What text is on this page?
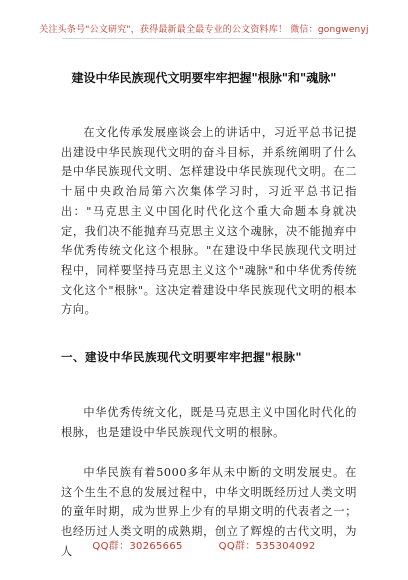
关注头条号"公文研究"，获得最新最全最专业的公文资料库！ 微信：gongwenyj
建设中华民族现代文明要牢牢把握"根脉"和"魂脉"
在文化传承发展座谈会上的讲话中，习近平总书记提出建设中华民族现代文明的奋斗目标，并系统阐明了什么是中华民族现代文明、怎样建设中华民族现代文明。在二十届中央政治局第六次集体学习时，习近平总书记指出："马克思主义中国化时代化这个重大命题本身就决定，我们决不能抛弃马克思主义这个魂脉，决不能抛弃中华优秀传统文化这个根脉。"在建设中华民族现代文明过程中，同样要坚持马克思主义这个"魂脉"和中华优秀传统文化这个"根脉"。这决定着建设中华民族现代文明的根本方向。
一、建设中华民族现代文明要牢牢把握"根脉"
中华优秀传统文化，既是马克思主义中国化时代化的根脉，也是建设中华民族现代文明的根脉。
中华民族有着5000多年从未中断的文明发展史。在这个生生不息的发展过程中，中华文明既经历过人类文明的童年时期，成为世界上少有的早期文明的代表者之一；也经历过人类文明的成熟期，创立了辉煌的古代文明，为人	QQ群：30265665	QQ群：535304092
